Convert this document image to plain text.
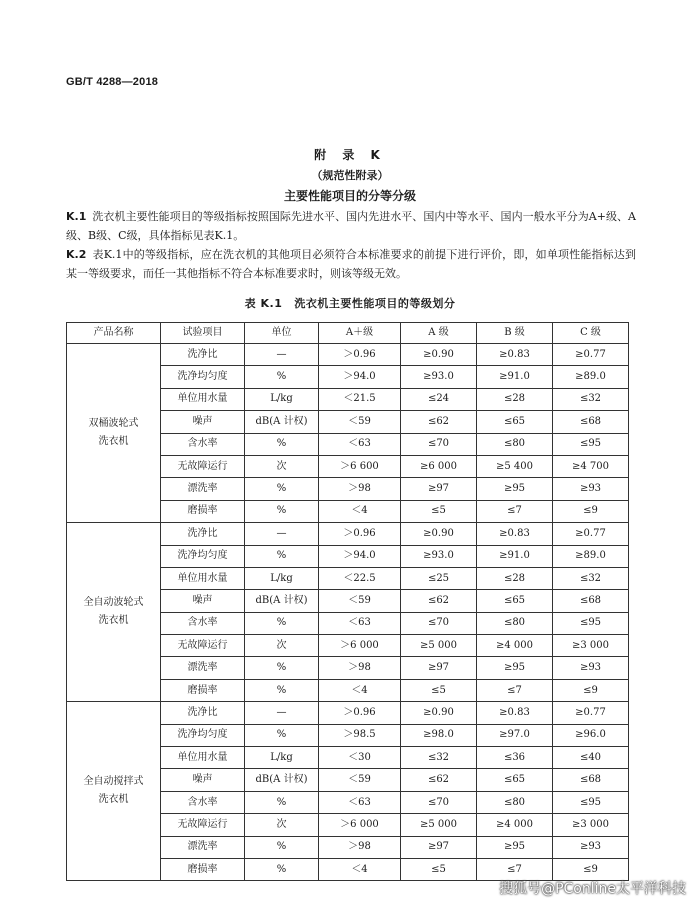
GB/T 4288—2018
附 录 K
（规范性附录）
主要性能项目的分等分级
K.1 洗衣机主要性能项目的等级指标按照国际先进水平、国内先进水平、国内中等水平、国内一般水平分为A+级、A级、B级、C级，具体指标见表K.1。
K.2 表K.1中的等级指标，应在洗衣机的其他项目必须符合本标准要求的前提下进行评价，即，如单项性能指标达到某一等级要求，而任一其他指标不符合本标准要求时，则该等级无效。
表 K.1 洗衣机主要性能项目的等级划分
产品名称	试验项目	单位	A＋级	A 级	B 级	C 级

双桶波轮式
洗衣机	洗净比	—	＞0.96	≥0.90	≥0.83	≥0.77
	洗净均匀度	%	＞94.0	≥93.0	≥91.0	≥89.0
	单位用水量	L/kg	＜21.5	≤24	≤28	≤32
	噪声	dB(A 计权)	＜59	≤62	≤65	≤68
	含水率	%	＜63	≤70	≤80	≤95
	无故障运行	次	＞6 600	≥6 000	≥5 400	≥4 700
	漂洗率	%	＞98	≥97	≥95	≥93
	磨损率	%	＜4	≤5	≤7	≤9

全自动波轮式
洗衣机	洗净比	—	＞0.96	≥0.90	≥0.83	≥0.77
	洗净均匀度	%	＞94.0	≥93.0	≥91.0	≥89.0
	单位用水量	L/kg	＜22.5	≤25	≤28	≤32
	噪声	dB(A 计权)	＜59	≤62	≤65	≤68
	含水率	%	＜63	≤70	≤80	≤95
	无故障运行	次	＞6 000	≥5 000	≥4 000	≥3 000
	漂洗率	%	＞98	≥97	≥95	≥93
	磨损率	%	＜4	≤5	≤7	≤9

全自动搅拌式
洗衣机	洗净比	—	＞0.96	≥0.90	≥0.83	≥0.77
	洗净均匀度	%	＞98.5	≥98.0	≥97.0	≥96.0
	单位用水量	L/kg	＜30	≤32	≤36	≤40
	噪声	dB(A 计权)	＜59	≤62	≤65	≤68
	含水率	%	＜63	≤70	≤80	≤95
	无故障运行	次	＞6 000	≥5 000	≥4 000	≥3 000
	漂洗率	%	＞98	≥97	≥95	≥93
	磨损率	%	＜4	≤5	≤7	≤9
搜狐号@PConline太平洋科技
